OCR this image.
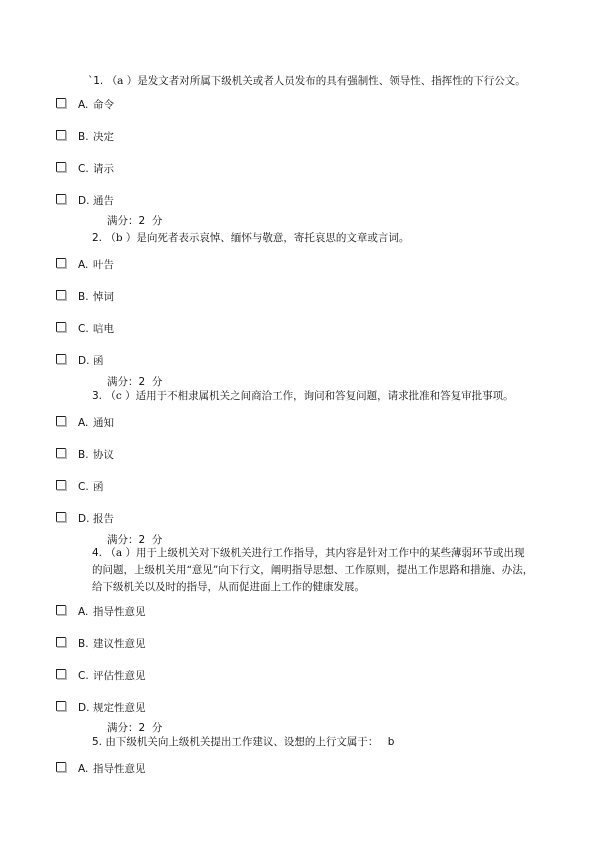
`1. （a ）是发文者对所属下级机关或者人员发布的具有强制性、领导性、指挥性的下行公文。
A. 命令
B. 决定
C. 请示
D. 通告
满分：2 分
2. （b ）是向死者表示哀悼、缅怀与敬意，寄托哀思的文章或言词。
A. 叶告
B. 悼词
C. 唁电
D. 函
满分：2 分
3. （c ）适用于不相隶属机关之间商洽工作，询问和答复问题，请求批准和答复审批事项。
A. 通知
B. 协议
C. 函
D. 报告
满分：2 分
4. （a ）用于上级机关对下级机关进行工作指导，其内容是针对工作中的某些薄弱环节或出现
的问题，上级机关用“意见”向下行文，阐明指导思想、工作原则，提出工作思路和措施、办法，
给下级机关以及时的指导，从而促进面上工作的健康发展。
A. 指导性意见
B. 建议性意见
C. 评估性意见
D. 规定性意见
满分：2 分
5. 由下级机关向上级机关提出工作建议、设想的上行文属于： b
A. 指导性意见
